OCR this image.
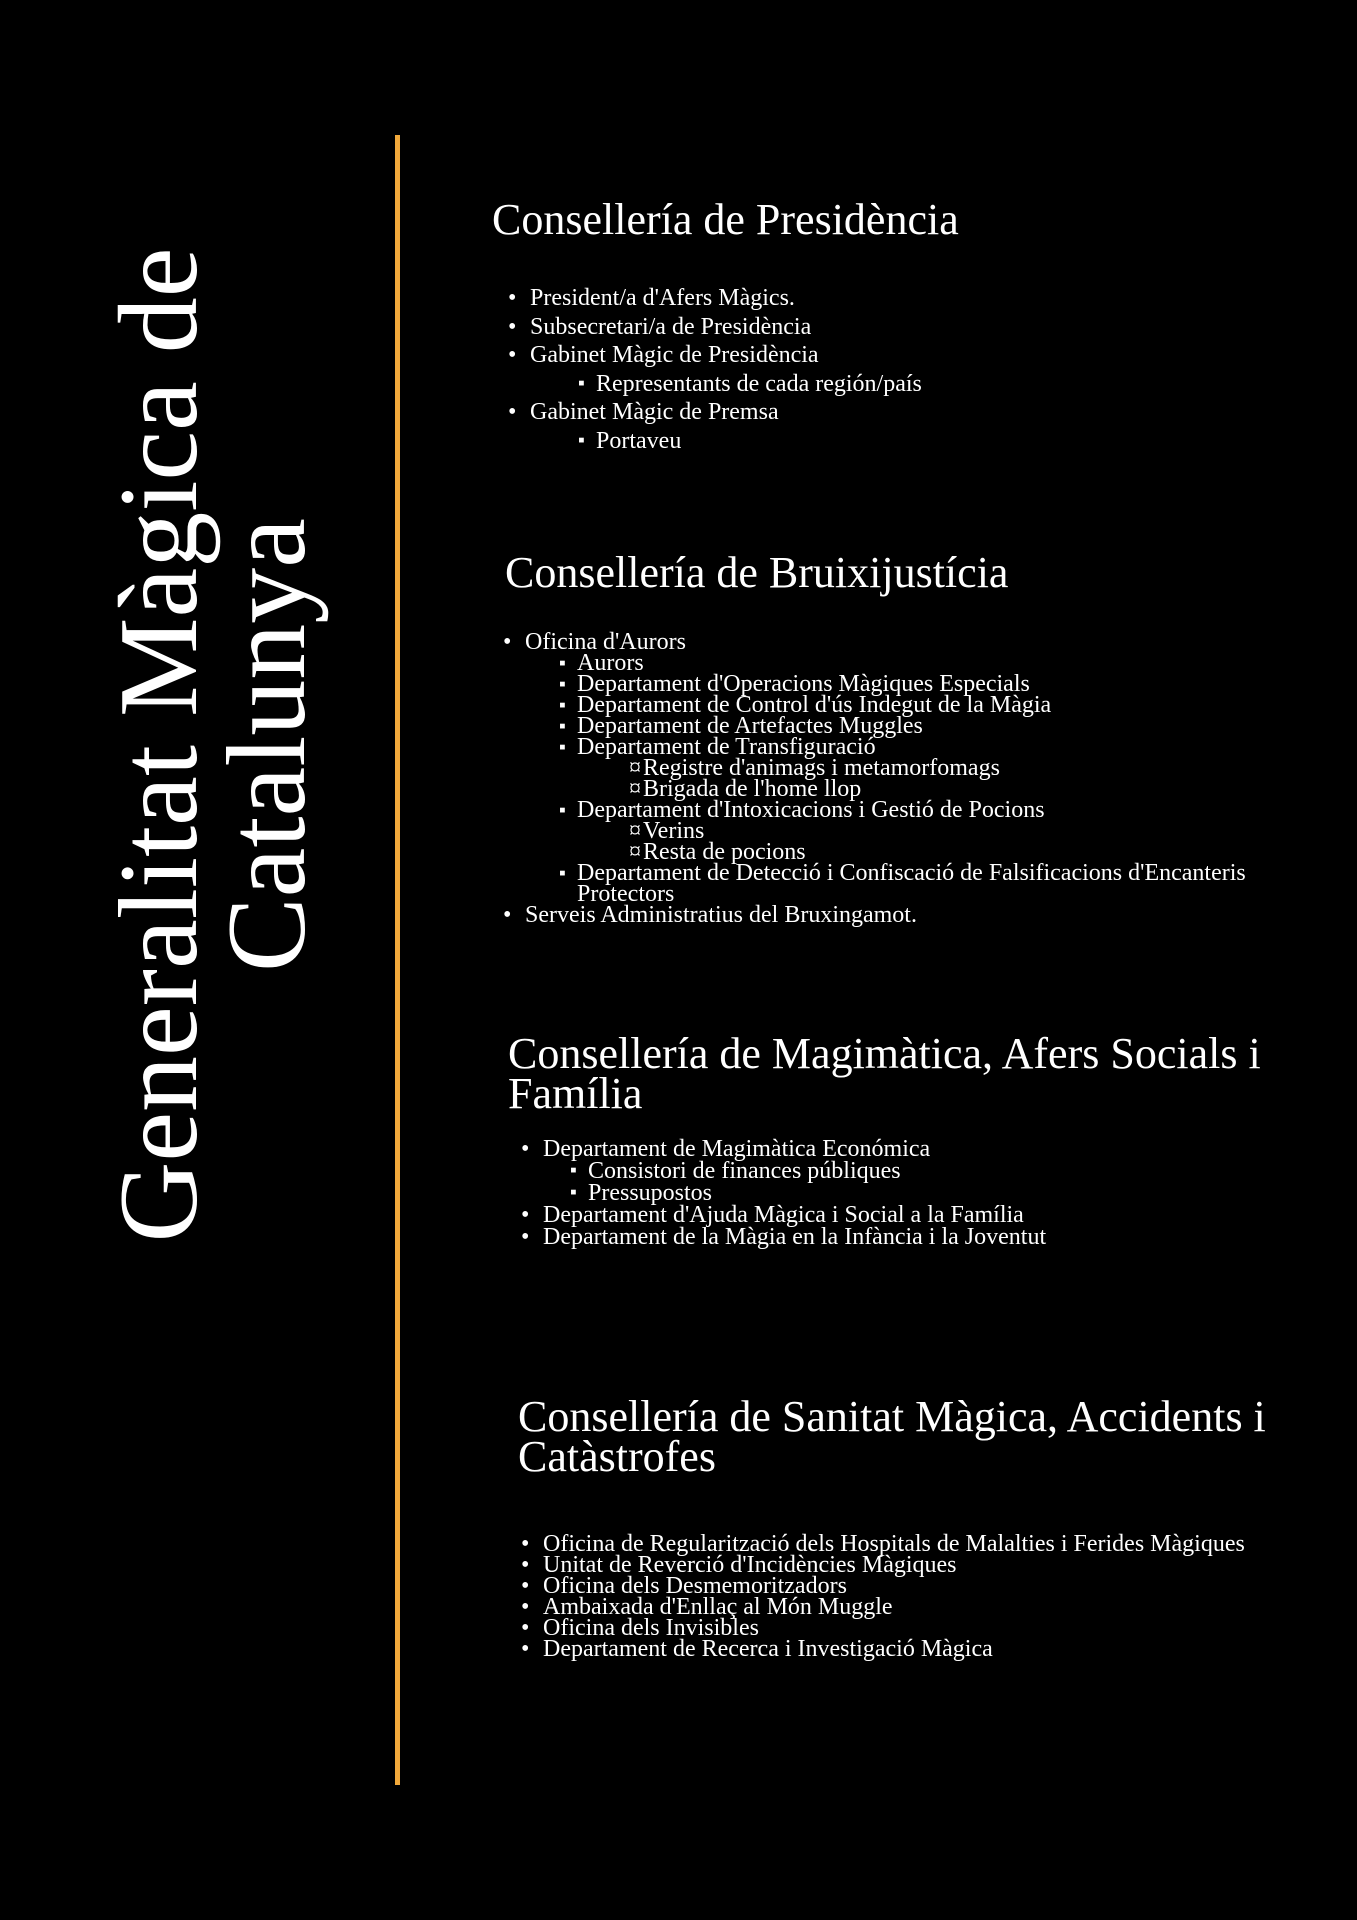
Generalitat Màgica de
Catalunya
Consellería de Presidència
• President/a d'Afers Màgics.
• Subsecretari/a de Presidència
• Gabinet Màgic de Presidència
▪ Representants de cada región/país
• Gabinet Màgic de Premsa
▪ Portaveu
Consellería de Bruixijustícia
• Oficina d'Aurors
▪ Aurors
▪ Departament d'Operacions Màgiques Especials
▪ Departament de Control d'ús Indegut de la Màgia
▪ Departament de Artefactes Muggles
▪ Departament de Transfiguració
¤ Registre d'animags i metamorfomags
¤ Brigada de l'home llop
▪ Departament d'Intoxicacions i Gestió de Pocions
¤ Verins
¤ Resta de pocions
▪ Departament de Detecció i Confiscació de Falsificacions d'Encanteris Protectors
• Serveis Administratius del Bruxingamot.
Consellería de Magimàtica, Afers Socials i Família
• Departament de Magimàtica Económica
▪ Consistori de finances públiques
▪ Pressupostos
• Departament d'Ajuda Màgica i Social a la Família
• Departament de la Màgia en la Infància i la Joventut
Consellería de Sanitat Màgica, Accidents i Catàstrofes
• Oficina de Regularització dels Hospitals de Malalties i Ferides Màgiques
• Unitat de Reverció d'Incidències Màgiques
• Oficina dels Desmemoritzadors
• Ambaixada d'Enllaç al Món Muggle
• Oficina dels Invisibles
• Departament de Recerca i Investigació Màgica
